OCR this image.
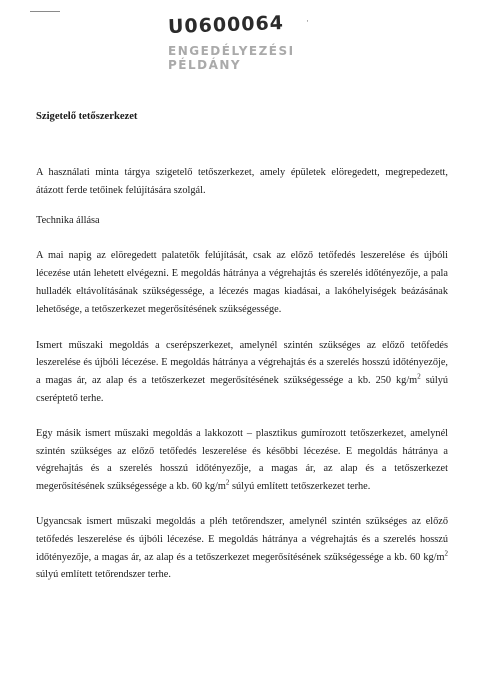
·
U0600064
ENGEDÉLYEZÉSI
PÉLDÁNY
Szigetelő tetőszerkezet

A használati minta tárgya szigetelő tetőszerkezet, amely épületek elöregedett, megrepedezett, átázott ferde tetőinek felújítására szolgál.

Technika állása

A mai napig az elöregedett palatetők felújítását, csak az előző tetőfedés leszerelése és újbóli lécezése után lehetett elvégezni. E megoldás hátránya a végrehajtás és szerelés időtényezője, a pala hulladék eltávolításának szükségessége, a lécezés magas kiadásai, a lakóhelyiségek beázásának lehetősége, a tetőszerkezet megerősítésének szükségessége.

Ismert műszaki megoldás a cserépszerkezet, amelynél szintén szükséges az előző tetőfedés leszerelése és újbóli lécezése. E megoldás hátránya a végrehajtás és a szerelés hosszú időtényezője, a magas ár, az alap és a tetőszerkezet megerősítésének szükségessége a kb. 250 $kg/m^2$ súlyú cseréptető terhe.

Egy másik ismert műszaki megoldás a lakkozott – plasztikus gumírozott tetőszerkezet, amelynél szintén szükséges az előző tetőfedés leszerelése és későbbi lécezése. E megoldás hátránya a végrehajtás és a szerelés hosszú időtényezője, a magas ár, az alap és a tetőszerkezet megerősítésének szükségessége a kb. 60 $kg/m^2$ súlyú említett tetőszerkezet terhe.

Ugyancsak ismert műszaki megoldás a pléh tetőrendszer, amelynél szintén szükséges az előző tetőfedés leszerelése és újbóli lécezése. E megoldás hátránya a végrehajtás és a szerelés hosszú időtényezője, a magas ár, az alap és a tetőszerkezet megerősítésének szükségessége a kb. 60 $kg/m^2$ súlyú említett tetőrendszer terhe.
